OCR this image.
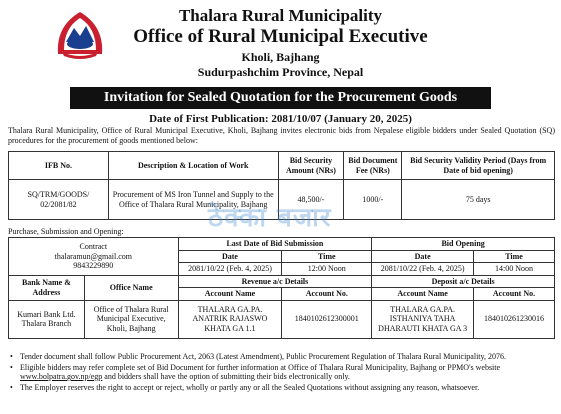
Thalara Rural Municipality
Office of Rural Municipal Executive
Kholi, Bajhang
Sudurpashchim Province, Nepal
Invitation for Sealed Quotation for the Procurement Goods
Date of First Publication: 2081/10/07 (January 20, 2025)
Thalara Rural Municipality, Office of Rural Municipal Executive, Kholi, Bajhang invites electronic bids from Nepalese eligible bidders under Sealed Quotation (SQ) procedures for the procurement of goods mentioned below:
IFB No.	Description & Location of Work	Bid Security Amount (NRs)	Bid Document Fee (NRs)	Bid Security Validity Period (Days from Date of bid opening)
SQ/TRM/GOODS/ 02/2081/82	Procurement of MS Iron Tunnel and Supply to the Office of Thalara Rural Municipality, Bajhang	48,500/-	1000/-	75 days
ठेक्का बजार
Purchase, Submission and Opening:
Contract
thalaramun@gmail.com
9843229890		Last Date of Bid Submission		Bid Opening	
		Date	Time	Date	Time
		2081/10/22 (Feb. 4, 2025)	12:00 Noon	2081/10/22 (Feb. 4, 2025)	14:00 Noon
Bank Name & Address	Office Name	Revenue a/c Details		Deposit a/c Details	
		Account Name	Account No.	Account Name	Account No.
Kumari Bank Ltd. Thalara Branch	Office of Thalara Rural Municipal Executive, Kholi, Bajhang	THALARA GA.PA. ANATRIK RAJASWO KHATA GA 1.1	1840102612300001	THALARA GA.PA. ISTHANIYA TAHA DHARAUTI KHATA GA 3	184010261230016
• Tender document shall follow Public Procurement Act, 2063 (Latest Amendment), Public Procurement Regulation of Thalara Rural Municipality, 2076.
• Eligible bidders may refer complete set of Bid Document for further information at Office of Thalara Rural Municipality, Bajhang or PPMO's website www.bolpatra.gov.np/egp and bidders shall have the option of submitting their bids electronically only.
• The Employer reserves the right to accept or reject, wholly or partly any or all the Sealed Quotations without assigning any reason, whatsoever.
